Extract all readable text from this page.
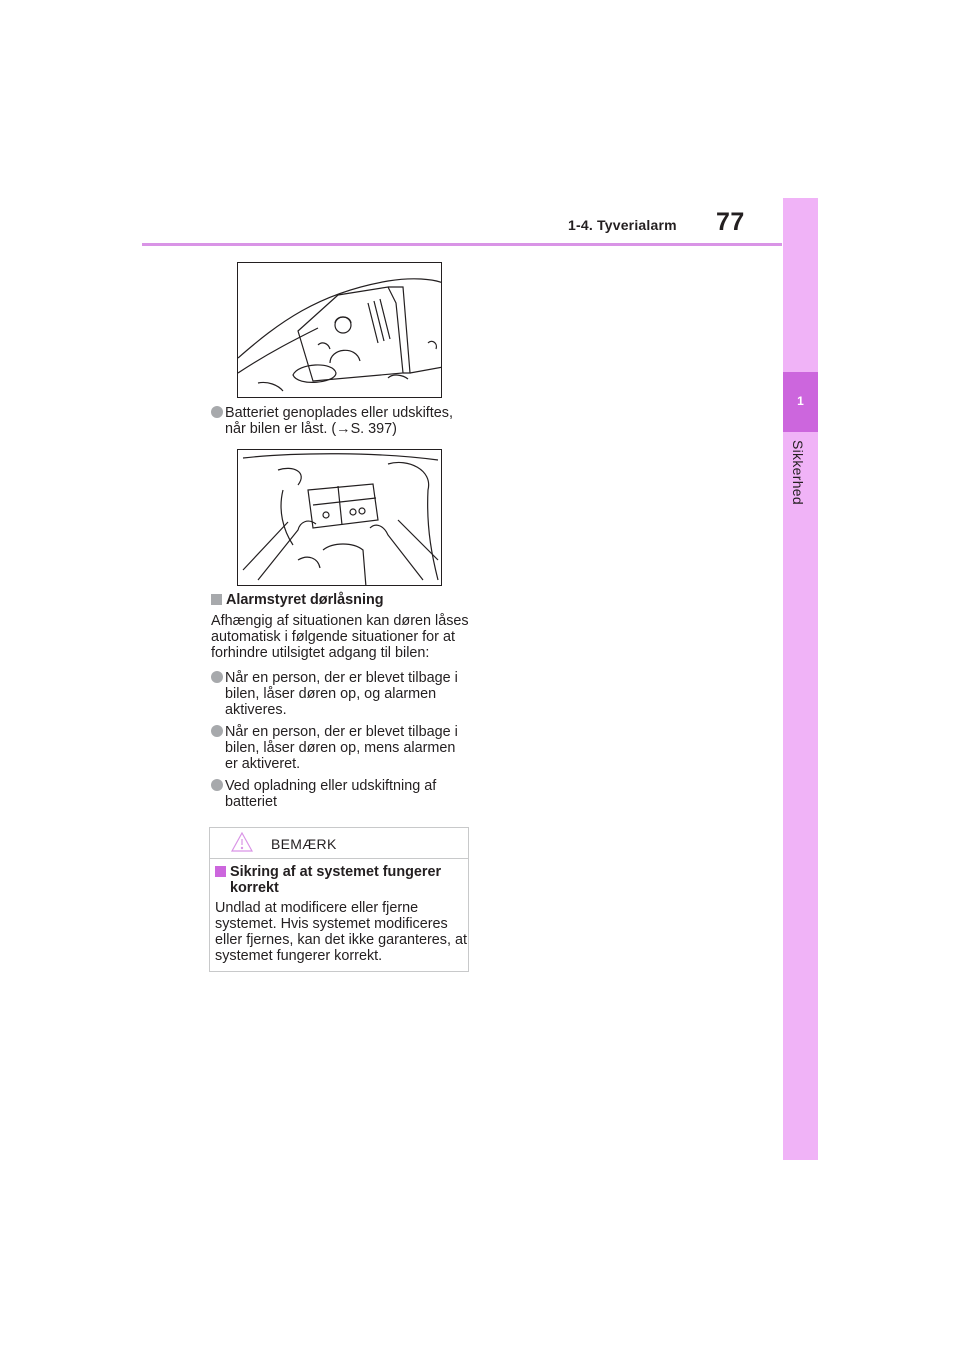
1-4. Tyverialarm 77
1
Sikkerhed
Batteriet genoplades eller udskiftes, når bilen er låst. (→S. 397)
Alarmstyret dørlåsning
Afhængig af situationen kan døren låses automatisk i følgende situationer for at forhindre utilsigtet adgang til bilen:
Når en person, der er blevet tilbage i bilen, låser døren op, og alarmen aktiveres.
Når en person, der er blevet tilbage i bilen, låser døren op, mens alarmen er aktiveret.
Ved opladning eller udskiftning af batteriet
BEMÆRK
Sikring af at systemet fungerer korrekt
Undlad at modificere eller fjerne systemet. Hvis systemet modificeres eller fjernes, kan det ikke garanteres, at systemet fungerer korrekt.
